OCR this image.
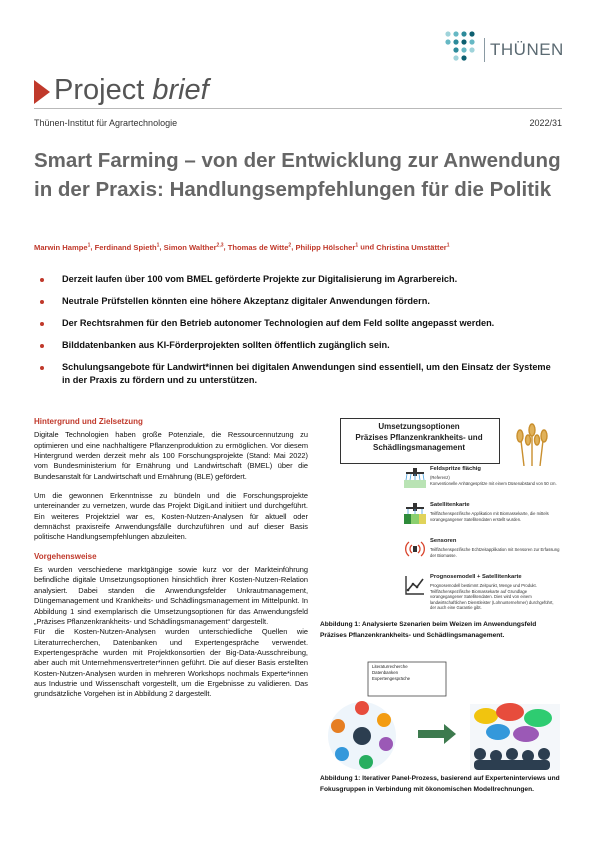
THÜNEN
Project brief
Thünen-Institut für Agrartechnologie	2022/31
Smart Farming – von der Entwicklung zur Anwendung in der Praxis: Handlungsempfehlungen für die Politik
Marwin Hampe$^1$, Ferdinand Spieth$^1$, Simon Walther$^{2,3}$, Thomas de Witte$^2$, Philipp Hölscher$^1$ und Christina Umstätter$^1$
Derzeit laufen über 100 vom BMEL geförderte Projekte zur Digitalisierung im Agrarbereich.
Neutrale Prüfstellen könnten eine höhere Akzeptanz digitaler Anwendungen fördern.
Der Rechtsrahmen für den Betrieb autonomer Technologien auf dem Feld sollte angepasst werden.
Bilddatenbanken aus KI-Förderprojekten sollten öffentlich zugänglich sein.
Schulungsangebote für Landwirt*innen bei digitalen Anwendungen sind essentiell, um den Einsatz der Systeme in der Praxis zu fördern und zu unterstützen.
Hintergrund und Zielsetzung

Digitale Technologien haben große Potenziale, die Ressourcennutzung zu optimieren und eine nachhaltigere Pflanzenproduktion zu ermöglichen. Vor diesem Hintergrund werden derzeit mehr als 100 Forschungsprojekte (Stand: Mai 2022) vom Bundesministerium für Ernährung und Landwirtschaft (BMEL) über die Bundesanstalt für Landwirtschaft und Ernährung (BLE) gefördert.

Um die gewonnen Erkenntnisse zu bündeln und die Forschungsprojekte untereinander zu vernetzen, wurde das Projekt DigiLand initiiert und durchgeführt. Ein weiteres Projektziel war es, Kosten-Nutzen-Analysen für aktuell oder demnächst praxisreife Anwendungsfälle durchzuführen und auf dieser Basis politische Handlungsempfehlungen abzuleiten.

Vorgehensweise

Es wurden verschiedene marktgängige sowie kurz vor der Markteinführung befindliche digitale Umsetzungsoptionen hinsichtlich ihrer Kosten-Nutzen-Relation analysiert. Dabei standen die Anwendungsfelder Unkrautmanagement, Düngemanagement und Krankheits- und Schädlingsmanagement im Mittelpunkt. In Abbildung 1 sind exemplarisch die Umsetzungsoptionen für das Anwendungsfeld „Präzises Pflanzenkrankheits- und Schädlingsmanagement“ dargestellt.

Für die Kosten-Nutzen-Analysen wurden unterschiedliche Quellen wie Literaturrecherchen, Datenbanken und Expertengespräche verwendet. Expertengespräche wurden mit Projektkonsortien der Big-Data-Ausschreibung, aber auch mit Unternehmensvertreter*innen geführt. Die auf dieser Basis erstellten Kosten-Nutzen-Analysen wurden in mehreren Workshops nochmals Experte*innen aus Industrie und Wissenschaft vorgestellt, um die Ergebnisse zu validieren. Das grundsätzliche Vorgehen ist in Abbildung 2 dargestellt.

Umsetzungsoptionen
Präzises Pflanzenkrankheits- und
Schädlingsmanagement
Feldspritze flächig
(Referenz)
Konventionelle Anhängespritze mit einem Düsenabstand von 50 cm.
Satellitenkarte
Teilflächenspezifische Applikation mit Biomassekarte, die mittels vorangegangener Satellitendaten erstellt wurden.
Sensoren
Teilflächenspezifische Echtzeitapplikation mit Sensoren zur Erfassung der Biomasse.
Prognosemodell + Satellitenkarte
Prognosemodell bestimmt Zeitpunkt, Menge und Produkt. Teilflächenspezifische Biomassekarte auf Grundlage vorangegangener Satellitendaten. Dies wird von einem landwirtschaftlichen Dienstleister (Lohnunternehmer) durchgeführt, der auch eine Garantie gibt.
Abbildung 1: Analysierte Szenarien beim Weizen im Anwendungsfeld Präzises Pflanzenkrankheits- und Schädlingsmanagement.
Literaturrecherche
Datenbanken
Expertengespräche
Abbildung 1: Iterativer Panel-Prozess, basierend auf Experteninterviews und Fokusgruppen in Verbindung mit ökonomischen Modellrechnungen.
